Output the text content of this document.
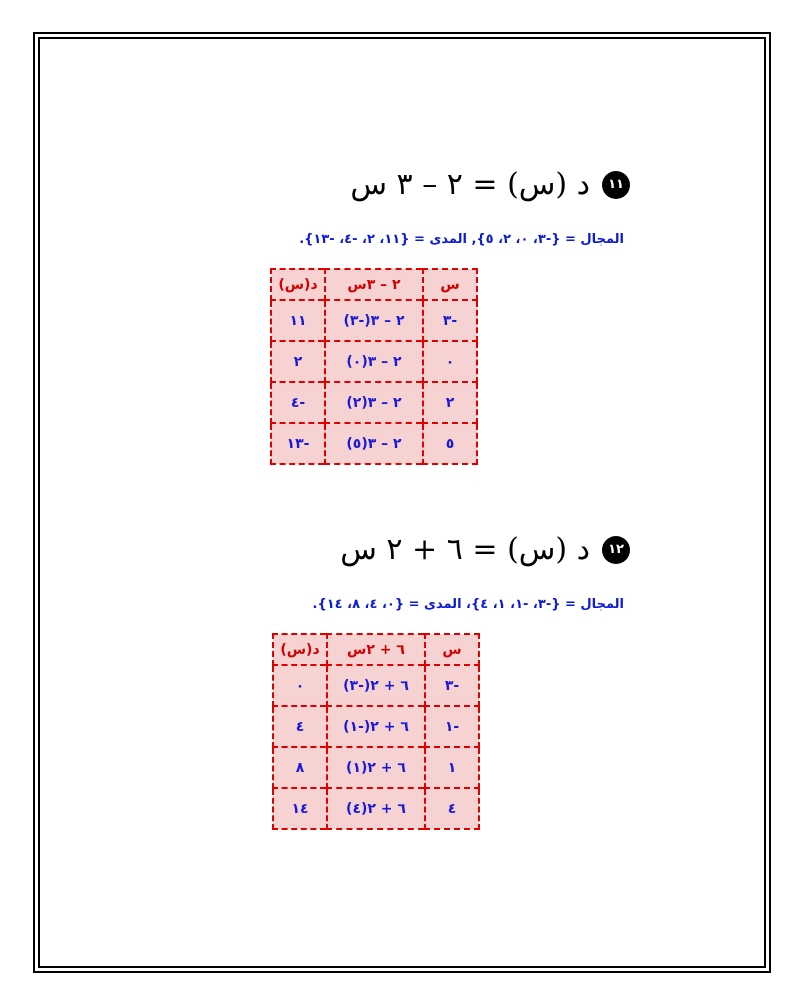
١١
د (س) = ٢ – ٣ س
المجال = {-٣، ٠، ٢، ٥}, المدى = {١١، ٢، -٤، -١٣}.
س	٢ – ٣س	د(س)
-٣	٢ – ٣(-٣)	١١
٠	٢ – ٣(٠)	٢
٢	٢ – ٣(٢)	-٤
٥	٢ – ٣(٥)	-١٣
١٢
د (س) = ٦ + ٢ س
المجال = {-٣، -١، ١، ٤}، المدى = {٠، ٤، ٨، ١٤}.
س	٦ + ٢س	د(س)
-٣	٦ + ٢(-٣)	٠
-١	٦ + ٢(-١)	٤
١	٦ + ٢(١)	٨
٤	٦ + ٢(٤)	١٤
